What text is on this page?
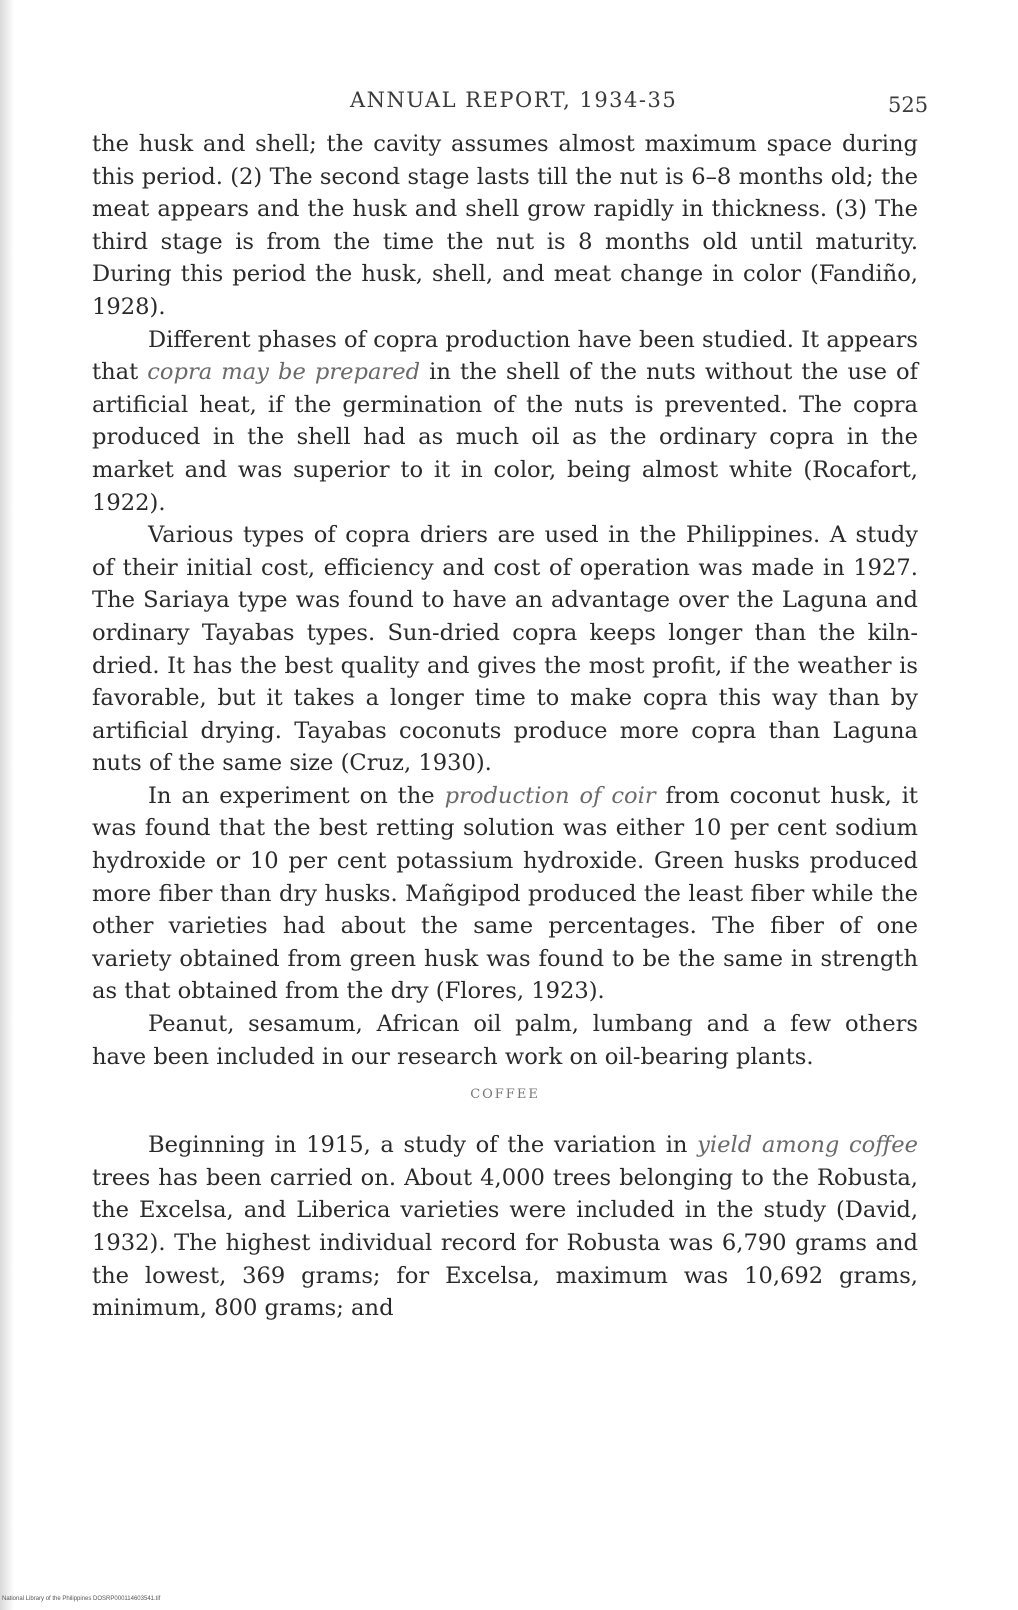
ANNUAL REPORT, 1934-35	525

the husk and shell; the cavity assumes almost maximum space during this period. (2) The second stage lasts till the nut is 6–8 months old; the meat appears and the husk and shell grow rapidly in thickness. (3) The third stage is from the time the nut is 8 months old until maturity. During this period the husk, shell, and meat change in color (Fandiño, 1928).

Different phases of copra production have been studied. It appears that copra may be prepared in the shell of the nuts without the use of artificial heat, if the germination of the nuts is prevented. The copra produced in the shell had as much oil as the ordinary copra in the market and was superior to it in color, being almost white (Rocafort, 1922).

Various types of copra driers are used in the Philippines. A study of their initial cost, efficiency and cost of operation was made in 1927. The Sariaya type was found to have an advantage over the Laguna and ordinary Tayabas types. Sun-dried copra keeps longer than the kiln-dried. It has the best quality and gives the most profit, if the weather is favorable, but it takes a longer time to make copra this way than by artificial drying. Tayabas coconuts produce more copra than Laguna nuts of the same size (Cruz, 1930).

In an experiment on the production of coir from coconut husk, it was found that the best retting solution was either 10 per cent sodium hydroxide or 10 per cent potassium hydroxide. Green husks produced more fiber than dry husks. Mañgipod produced the least fiber while the other varieties had about the same percentages. The fiber of one variety obtained from green husk was found to be the same in strength as that obtained from the dry (Flores, 1923).

Peanut, sesamum, African oil palm, lumbang and a few others have been included in our research work on oil-bearing plants.

COFFEE

Beginning in 1915, a study of the variation in yield among coffee trees has been carried on. About 4,000 trees belonging to the Robusta, the Excelsa, and Liberica varieties were included in the study (David, 1932). The highest individual record for Robusta was 6,790 grams and the lowest, 369 grams; for Excelsa, maximum was 10,692 grams, minimum, 800 grams; and

National Library of the Philippines DOSRP000114603541.tif
